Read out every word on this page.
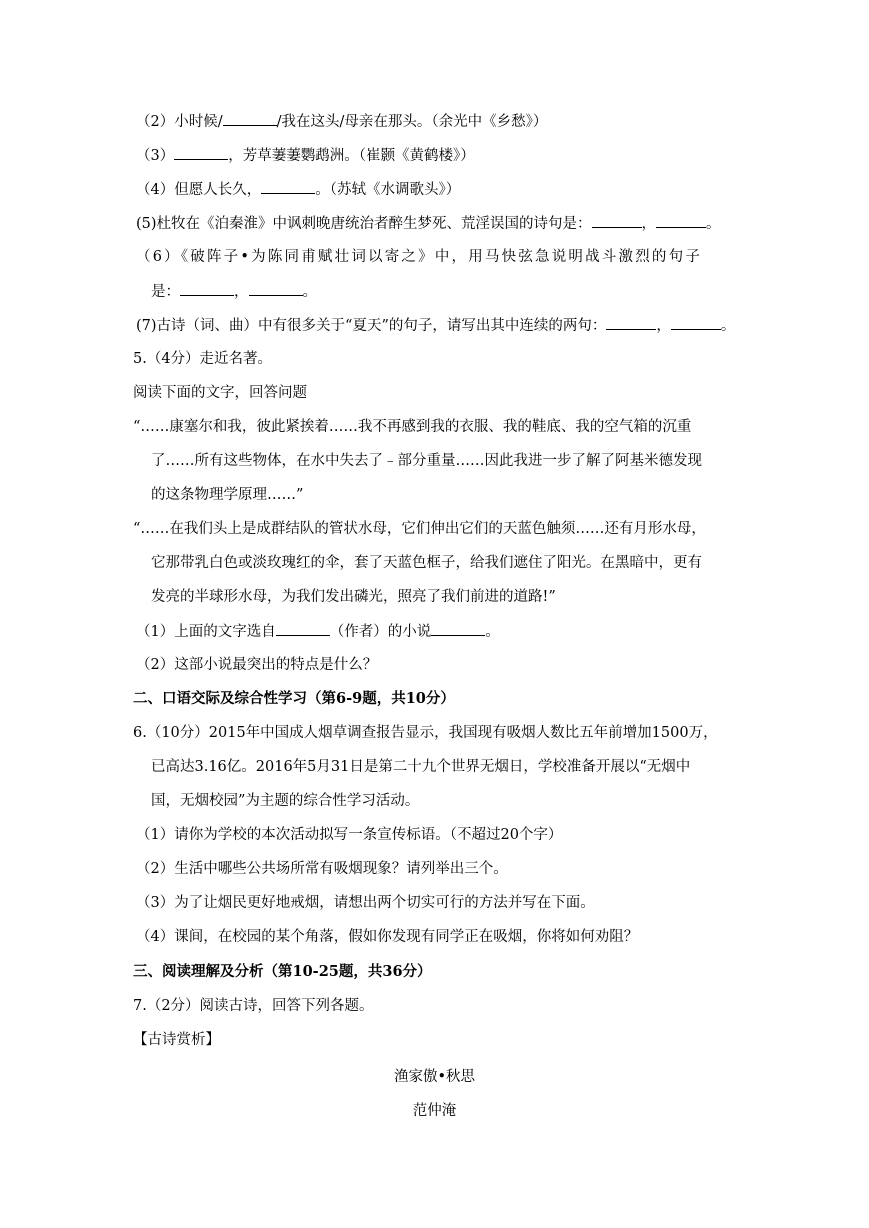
（2）小时候/	/我在这头/母亲在那头。（余光中《乡愁》）
（3）	，芳草萋萋鹦鹉洲。（崔颢《黄鹤楼》）
（4）但愿人长久，	。（苏轼《水调歌头》）
(5)杜牧在《泊秦淮》中讽刺晚唐统治者醉生梦死、荒淫误国的诗句是：	，	。
（6）《破阵子•为陈同甫赋壮词以寄之》中，用马快弦急说明战斗激烈的句子
是：	，	。
(7)古诗（词、曲）中有很多关于“夏天”的句子，请写出其中连续的两句：	，	。
5.（4分）走近名著。
阅读下面的文字，回答问题
“……康塞尔和我，彼此紧挨着……我不再感到我的衣服、我的鞋底、我的空气箱的沉重
了……所有这些物体，在水中失去了﹣部分重量……因此我进一步了解了阿基米德发现
的这条物理学原理……”
“……在我们头上是成群结队的管状水母，它们伸出它们的天蓝色触须……还有月形水母，
它那带乳白色或淡玫瑰红的伞，套了天蓝色框子，给我们遮住了阳光。在黑暗中，更有
发亮的半球形水母，为我们发出磷光，照亮了我们前进的道路!”
（1）上面的文字选自	（作者）的小说	。
（2）这部小说最突出的特点是什么？
二、口语交际及综合性学习（第6-9题，共10分）
6.（10分）2015年中国成人烟草调查报告显示，我国现有吸烟人数比五年前增加1500万，
已高达3.16亿。2016年5月31日是第二十九个世界无烟日，学校准备开展以“无烟中
国，无烟校园”为主题的综合性学习活动。
（1）请你为学校的本次活动拟写一条宣传标语。（不超过20个字）
（2）生活中哪些公共场所常有吸烟现象？请列举出三个。
（3）为了让烟民更好地戒烟，请想出两个切实可行的方法并写在下面。
（4）课间，在校园的某个角落，假如你发现有同学正在吸烟，你将如何劝阻？
三、阅读理解及分析（第10-25题，共36分）
7.（2分）阅读古诗，回答下列各题。
【古诗赏析】
渔家傲•秋思
范仲淹
